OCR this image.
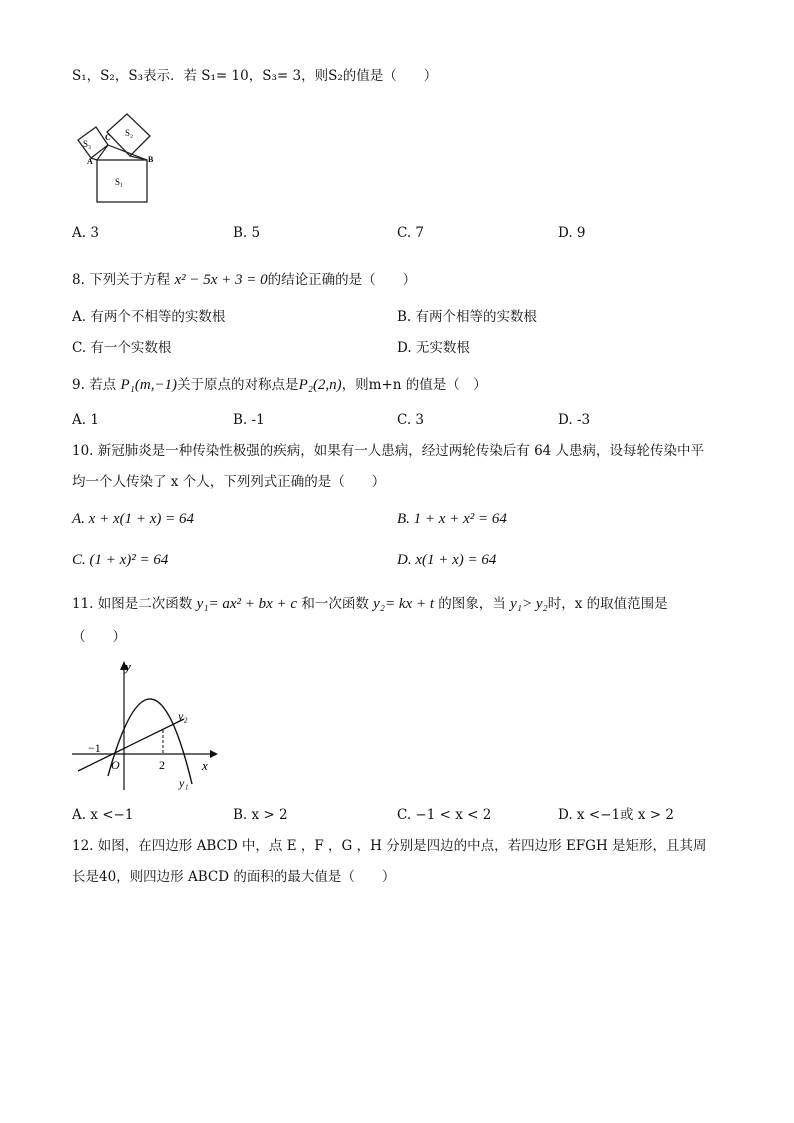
S₁，S₂，S₃表示．若 S₁= 10，S₃= 3，则S₂的值是（　　）
S₃
S₂
S₁
A	B
C
A. 3	B. 5	C. 7	D. 9
8. 下列关于方程 x² − 5x + 3 = 0的结论正确的是（　　）
A. 有两个不相等的实数根	B. 有两个相等的实数根
C. 有一个实数根	D. 无实数根
9. 若点 P₁(m,−1)关于原点的对称点是P₂(2,n)，则m+n 的值是（　）
A. 1	B. -1	C. 3	D. -3
10. 新冠肺炎是一种传染性极强的疾病，如果有一人患病，经过两轮传染后有 64 人患病，设每轮传染中平
均一个人传染了 x 个人，下列列式正确的是（　　）
A. x + x(1 + x) = 64	B. 1 + x + x² = 64
C. (1 + x)² = 64	D. x(1 + x) = 64
11. 如图是二次函数 y₁= ax² + bx + c 和一次函数 y₂= kx + t 的图象，当 y₁> y₂时，x 的取值范围是
（　　）
y
x
O
−1
2
y₂
y₁
A. x <−1	B. x > 2	C. −1 < x < 2	D. x <−1或 x > 2
12. 如图，在四边形 ABCD 中，点 E ，F ，G ，H 分别是四边的中点，若四边形 EFGH 是矩形，且其周
长是40，则四边形 ABCD 的面积的最大值是（　　）
